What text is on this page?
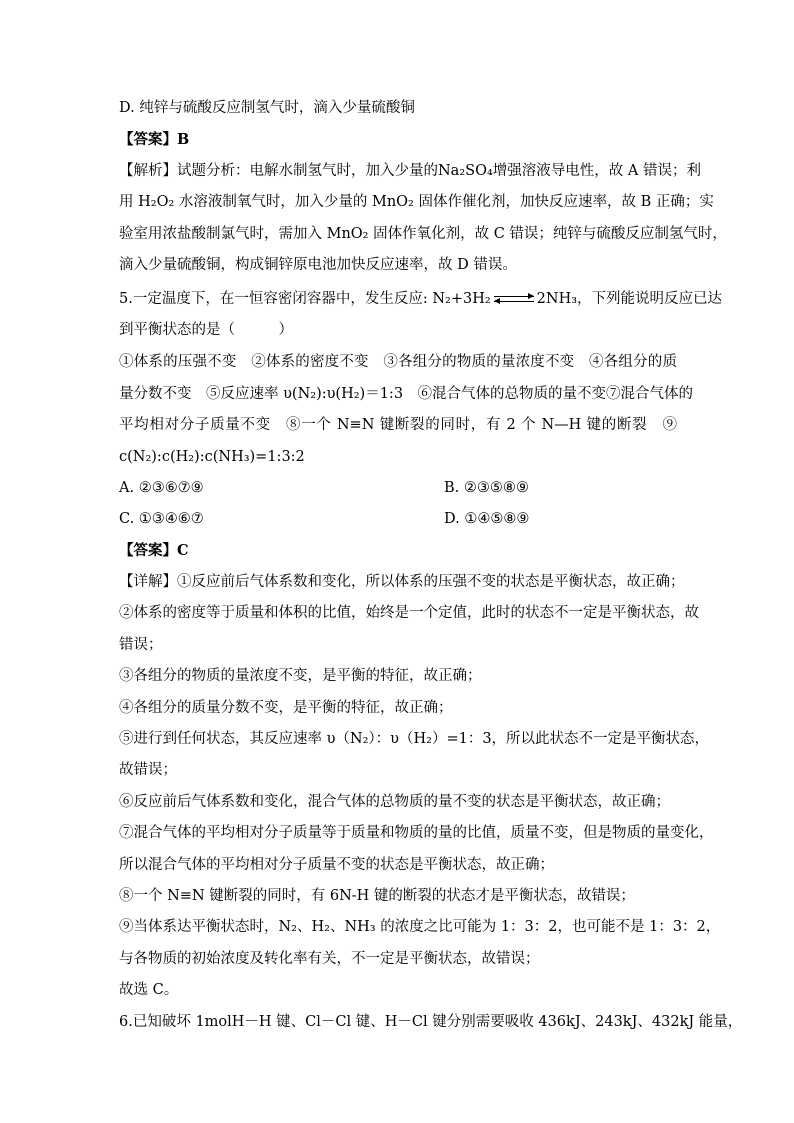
D. 纯锌与硫酸反应制氢气时，滴入少量硫酸铜
【答案】B
【解析】试题分析：电解水制氢气时，加入少量的Na₂SO₄增强溶液导电性，故 A 错误；利
用 H₂O₂ 水溶液制氧气时，加入少量的 MnO₂ 固体作催化剂，加快反应速率，故 B 正确；实
验室用浓盐酸制氯气时，需加入 MnO₂ 固体作氧化剂，故 C 错误；纯锌与硫酸反应制氢气时，
滴入少量硫酸铜，构成铜锌原电池加快反应速率，故 D 错误。
5.一定温度下，在一恒容密闭容器中，发生反应: N₂+3H₂ ⇌ 2NH₃，下列能说明反应已达
到平衡状态的是（　　　）
①体系的压强不变　②体系的密度不变　③各组分的物质的量浓度不变　④各组分的质
量分数不变　⑤反应速率 υ(N₂):υ(H₂)＝1:3　⑥混合气体的总物质的量不变⑦混合气体的
平均相对分子质量不变　⑧一个 N≡N 键断裂的同时，有 2 个 N—H 键的断裂　⑨
c(N₂):c(H₂):c(NH₃)=1:3:2
A. ②③⑥⑦⑨	B. ②③⑤⑧⑨
C. ①③④⑥⑦	D. ①④⑤⑧⑨
【答案】C
【详解】①反应前后气体系数和变化，所以体系的压强不变的状态是平衡状态，故正确；
②体系的密度等于质量和体积的比值，始终是一个定值，此时的状态不一定是平衡状态，故
错误；
③各组分的物质的量浓度不变，是平衡的特征，故正确；
④各组分的质量分数不变，是平衡的特征，故正确；
⑤进行到任何状态，其反应速率 υ（N₂）：υ（H₂）=1：3，所以此状态不一定是平衡状态，
故错误；
⑥反应前后气体系数和变化，混合气体的总物质的量不变的状态是平衡状态，故正确；
⑦混合气体的平均相对分子质量等于质量和物质的量的比值，质量不变，但是物质的量变化，
所以混合气体的平均相对分子质量不变的状态是平衡状态，故正确；
⑧一个 N≡N 键断裂的同时，有 6N-H 键的断裂的状态才是平衡状态，故错误；
⑨当体系达平衡状态时，N₂、H₂、NH₃ 的浓度之比可能为 1：3：2，也可能不是 1：3：2，
与各物质的初始浓度及转化率有关，不一定是平衡状态，故错误；
故选 C。
6.已知破坏 1molH－H 键、Cl－Cl 键、H－Cl 键分别需要吸收 436kJ、243kJ、432kJ 能量，
